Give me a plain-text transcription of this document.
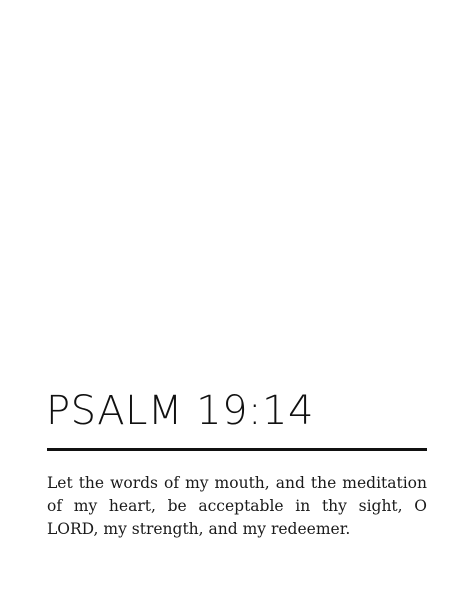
PSALM 19:14

Let the words of my mouth, and the meditation of my heart, be acceptable in thy sight, O LORD, my strength, and my redeemer.
